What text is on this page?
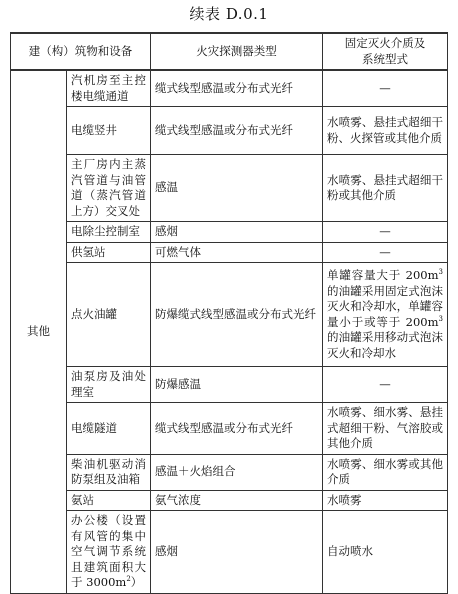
续表 D.0.1
建（构）筑物和设备		火灾探测器类型	固定灭火介质及
系统型式
其他	汽机房至主控楼电缆通道	缆式线型感温或分布式光纤	—
	电缆竖井	缆式线型感温或分布式光纤	水喷雾、悬挂式超细干粉、火探管或其他介质
	主厂房内主蒸汽管道与油管道（蒸汽管道上方）交叉处	感温	水喷雾、悬挂式超细干粉或其他介质
	电除尘控制室	感烟	—
	供氢站	可燃气体	—
	点火油罐	防爆缆式线型感温或分布式光纤	单罐容量大于 $200m^3$ 的油罐采用固定式泡沫灭火和冷却水，单罐容量小于或等于 $200m^3$ 的油罐采用移动式泡沫灭火和冷却水
	油泵房及油处理室	防爆感温	—
	电缆隧道	缆式线型感温或分布式光纤	水喷雾、细水雾、悬挂式超细干粉、气溶胶或其他介质
	柴油机驱动消防泵组及油箱	感温＋火焰组合	水喷雾、细水雾或其他介质
	氨站	氨气浓度	水喷雾
	办公楼（设置有风管的集中空气调节系统且建筑面积大于 $3000m^2$）	感烟	自动喷水
